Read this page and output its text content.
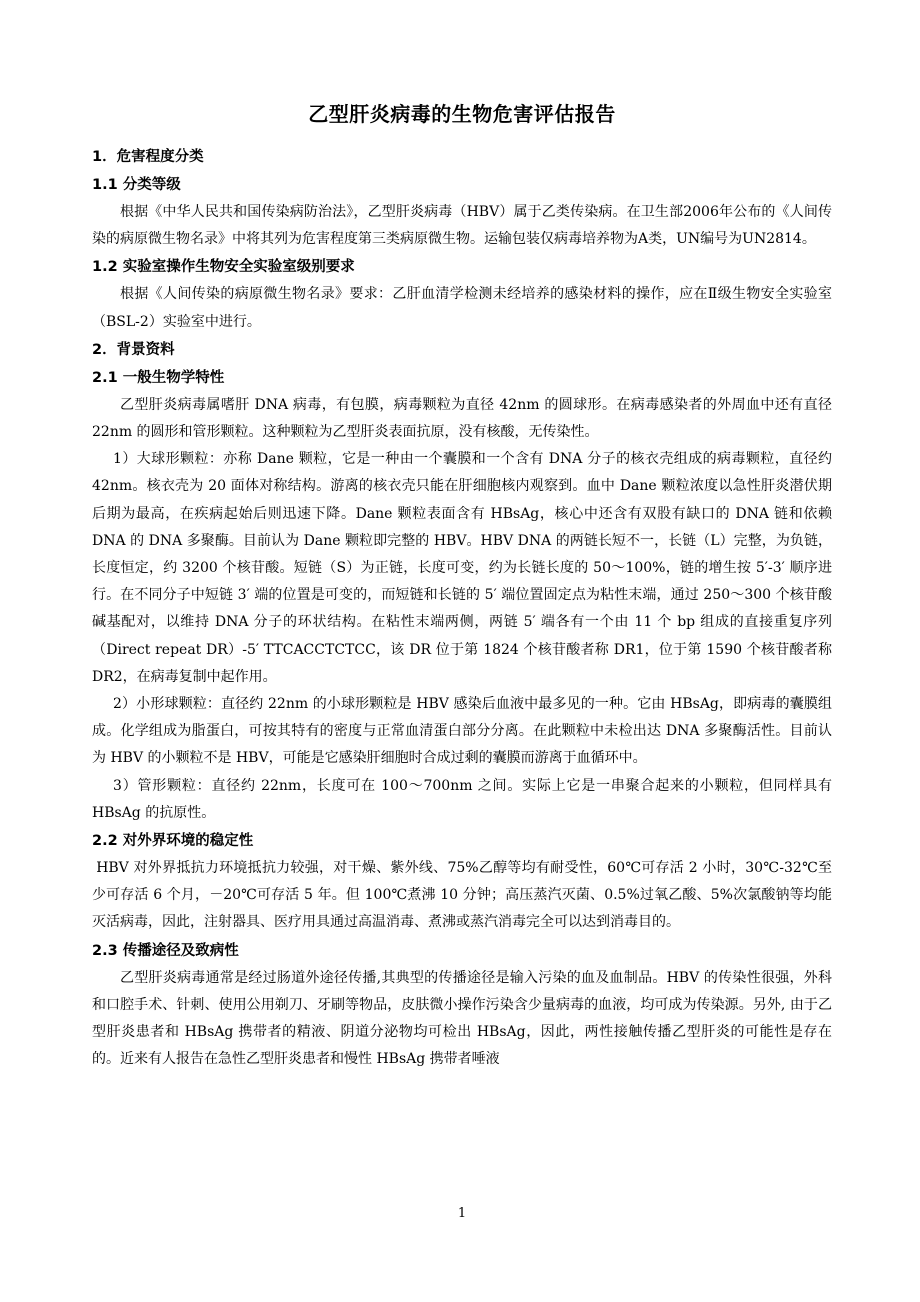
乙型肝炎病毒的生物危害评估报告
1．危害程度分类
1.1 分类等级

根据《中华人民共和国传染病防治法》，乙型肝炎病毒（HBV）属于乙类传染病。在卫生部2006年公布的《人间传染的病原微生物名录》中将其列为危害程度第三类病原微生物。运输包装仅病毒培养物为A类，UN编号为UN2814。

1.2 实验室操作生物安全实验室级别要求

根据《人间传染的病原微生物名录》要求：乙肝血清学检测未经培养的感染材料的操作，应在Ⅱ级生物安全实验室（BSL-2）实验室中进行。

2．背景资料
2.1 一般生物学特性

乙型肝炎病毒属嗜肝 DNA 病毒，有包膜，病毒颗粒为直径 42nm 的圆球形。在病毒感染者的外周血中还有直径 22nm 的圆形和管形颗粒。这种颗粒为乙型肝炎表面抗原，没有核酸，无传染性。

1）大球形颗粒：亦称 Dane 颗粒，它是一种由一个囊膜和一个含有 DNA 分子的核衣壳组成的病毒颗粒，直径约 42nm。核衣壳为 20 面体对称结构。游离的核衣壳只能在肝细胞核内观察到。血中 Dane 颗粒浓度以急性肝炎潜伏期后期为最高，在疾病起始后则迅速下降。Dane 颗粒表面含有 HBsAg，核心中还含有双股有缺口的 DNA 链和依赖 DNA 的 DNA 多聚酶。目前认为 Dane 颗粒即完整的 HBV。HBV DNA 的两链长短不一，长链（L）完整，为负链，长度恒定，约 3200 个核苷酸。短链（S）为正链，长度可变，约为长链长度的 50～100%，链的增生按 5′-3′ 顺序进行。在不同分子中短链 3′ 端的位置是可变的，而短链和长链的 5′ 端位置固定点为粘性末端，通过 250～300 个核苷酸碱基配对，以维持 DNA 分子的环状结构。在粘性末端两侧，两链 5′ 端各有一个由 11 个 bp 组成的直接重复序列（Direct repeat DR）-5′ TTCACCTCTCC，该 DR 位于第 1824 个核苷酸者称 DR1，位于第 1590 个核苷酸者称 DR2，在病毒复制中起作用。

2）小形球颗粒：直径约 22nm 的小球形颗粒是 HBV 感染后血液中最多见的一种。它由 HBsAg，即病毒的囊膜组成。化学组成为脂蛋白，可按其特有的密度与正常血清蛋白部分分离。在此颗粒中未检出达 DNA 多聚酶活性。目前认为 HBV 的小颗粒不是 HBV，可能是它感染肝细胞时合成过剩的囊膜而游离于血循环中。

3）管形颗粒：直径约 22nm，长度可在 100～700nm 之间。实际上它是一串聚合起来的小颗粒，但同样具有 HBsAg 的抗原性。

2.2 对外界环境的稳定性

HBV 对外界抵抗力环境抵抗力较强，对干燥、紫外线、75%乙醇等均有耐受性，60℃可存活 2 小时，30℃-32℃至少可存活 6 个月，－20℃可存活 5 年。但 100℃煮沸 10 分钟；高压蒸汽灭菌、0.5%过氧乙酸、5%次氯酸钠等均能灭活病毒，因此，注射器具、医疗用具通过高温消毒、煮沸或蒸汽消毒完全可以达到消毒目的。

2.3 传播途径及致病性

乙型肝炎病毒通常是经过肠道外途径传播,其典型的传播途径是输入污染的血及血制品。HBV 的传染性很强，外科和口腔手术、针刺、使用公用剃刀、牙刷等物品，皮肤微小操作污染含少量病毒的血液，均可成为传染源。另外, 由于乙型肝炎患者和 HBsAg 携带者的精液、阴道分泌物均可检出 HBsAg，因此，两性接触传播乙型肝炎的可能性是存在的。近来有人报告在急性乙型肝炎患者和慢性 HBsAg 携带者唾液

1
